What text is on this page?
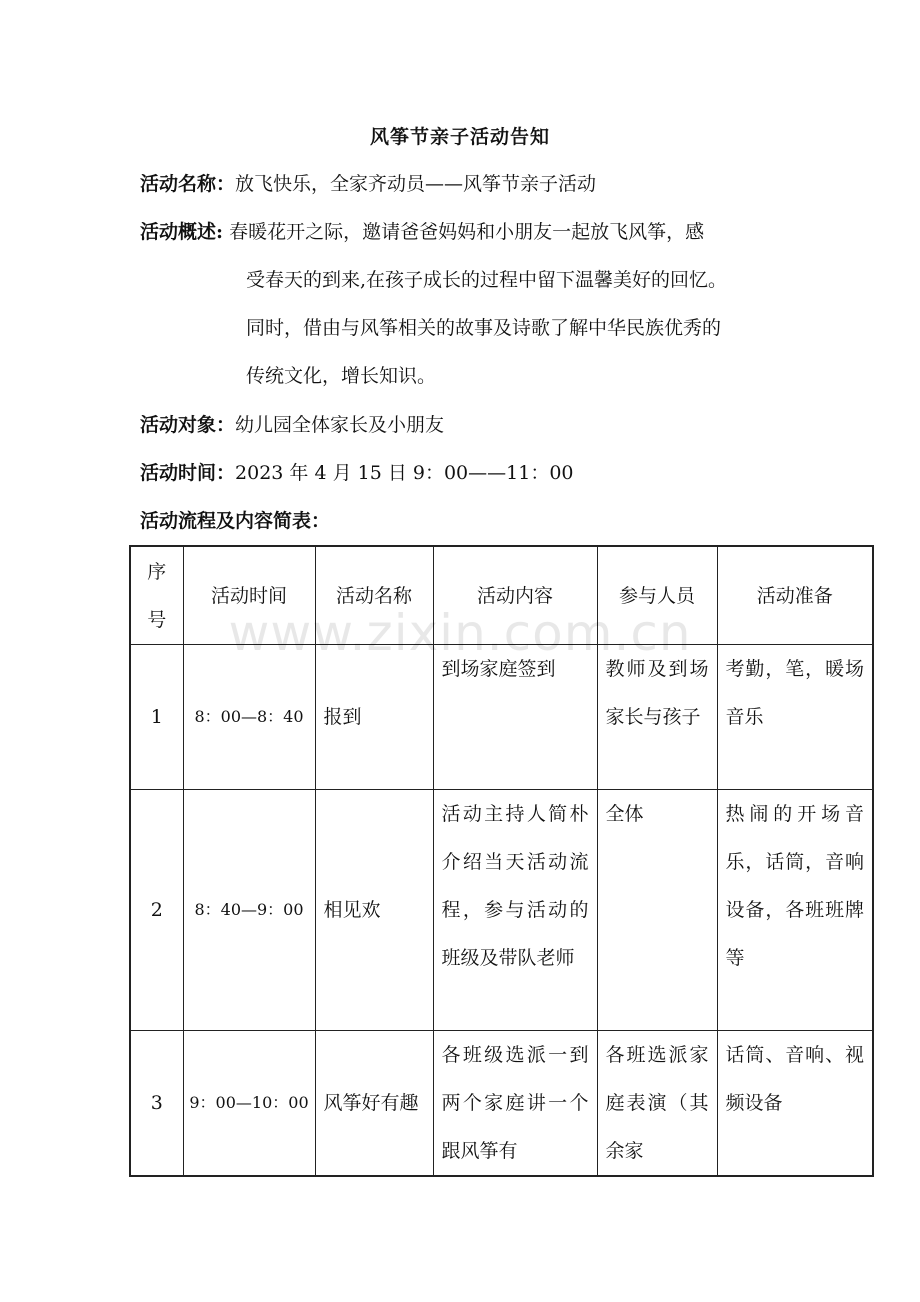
风筝节亲子活动告知
活动名称：放飞快乐，全家齐动员——风筝节亲子活动
活动概述: 春暖花开之际，邀请爸爸妈妈和小朋友一起放飞风筝，感
受春天的到来,在孩子成长的过程中留下温馨美好的回忆。
同时，借由与风筝相关的故事及诗歌了解中华民族优秀的
传统文化，增长知识。
活动对象：幼儿园全体家长及小朋友
活动时间：2023 年 4 月 15 日 9：00——11：00
活动流程及内容简表：
序号	活动时间	活动名称	活动内容	参与人员	活动准备
1	8：00—8：40	报到	到场家庭签到	教师及到场家长与孩子	考勤，笔，暖场音乐
2	8：40—9：00	相见欢	活动主持人简朴介绍当天活动流程，参与活动的班级及带队老师	全体	热闹的开场音乐，话筒，音响设备，各班班牌等
3	9：00—10：00	风筝好有趣	各班级选派一到两个家庭讲一个跟风筝有	各班选派家庭表演（其余家	话筒、音响、视频设备
www.zixin.com.cn
